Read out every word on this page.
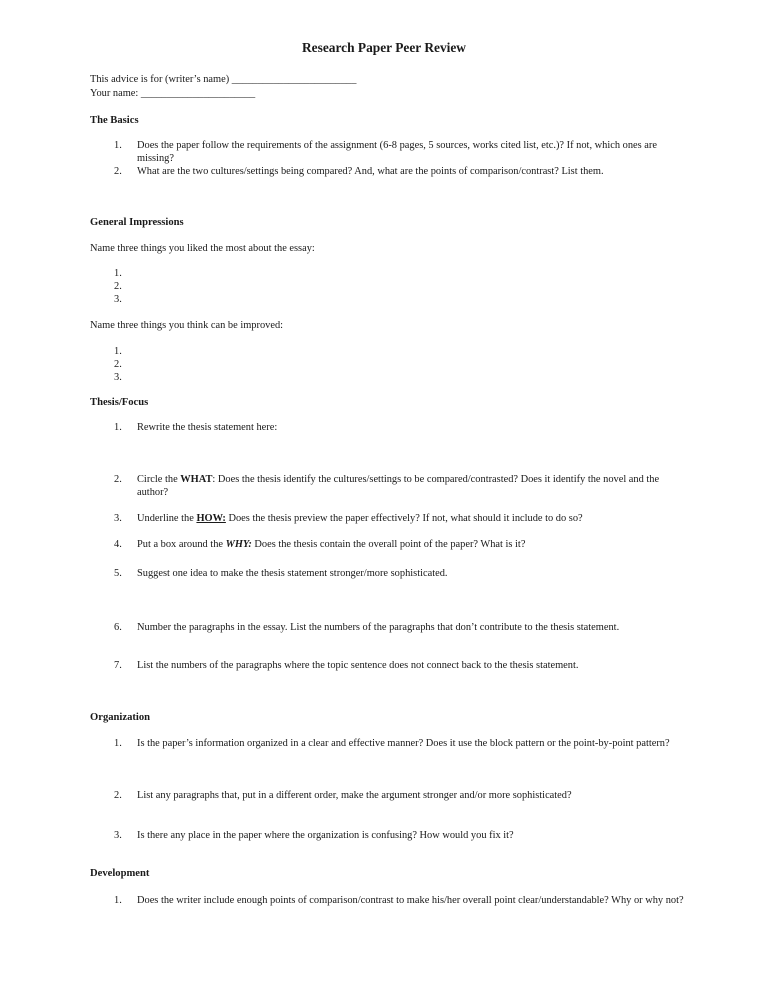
Research Paper Peer Review
This advice is for (writer’s name) ________________________
Your name: ______________________
The Basics
1. Does the paper follow the requirements of the assignment (6-8 pages, 5 sources, works cited list, etc.)? If not, which ones are missing?
2. What are the two cultures/settings being compared? And, what are the points of comparison/contrast? List them.
General Impressions
Name three things you liked the most about the essay:
1.
2.
3.
Name three things you think can be improved:
1.
2.
3.
Thesis/Focus
1. Rewrite the thesis statement here:
2. Circle the WHAT: Does the thesis identify the cultures/settings to be compared/contrasted? Does it identify the novel and the author?
3. Underline the HOW: Does the thesis preview the paper effectively? If not, what should it include to do so?
4. Put a box around the WHY: Does the thesis contain the overall point of the paper? What is it?
5. Suggest one idea to make the thesis statement stronger/more sophisticated.
6. Number the paragraphs in the essay. List the numbers of the paragraphs that don’t contribute to the thesis statement.
7. List the numbers of the paragraphs where the topic sentence does not connect back to the thesis statement.
Organization
1. Is the paper’s information organized in a clear and effective manner? Does it use the block pattern or the point-by-point pattern?
2. List any paragraphs that, put in a different order, make the argument stronger and/or more sophisticated?
3. Is there any place in the paper where the organization is confusing? How would you fix it?
Development
1. Does the writer include enough points of comparison/contrast to make his/her overall point clear/understandable? Why or why not?
